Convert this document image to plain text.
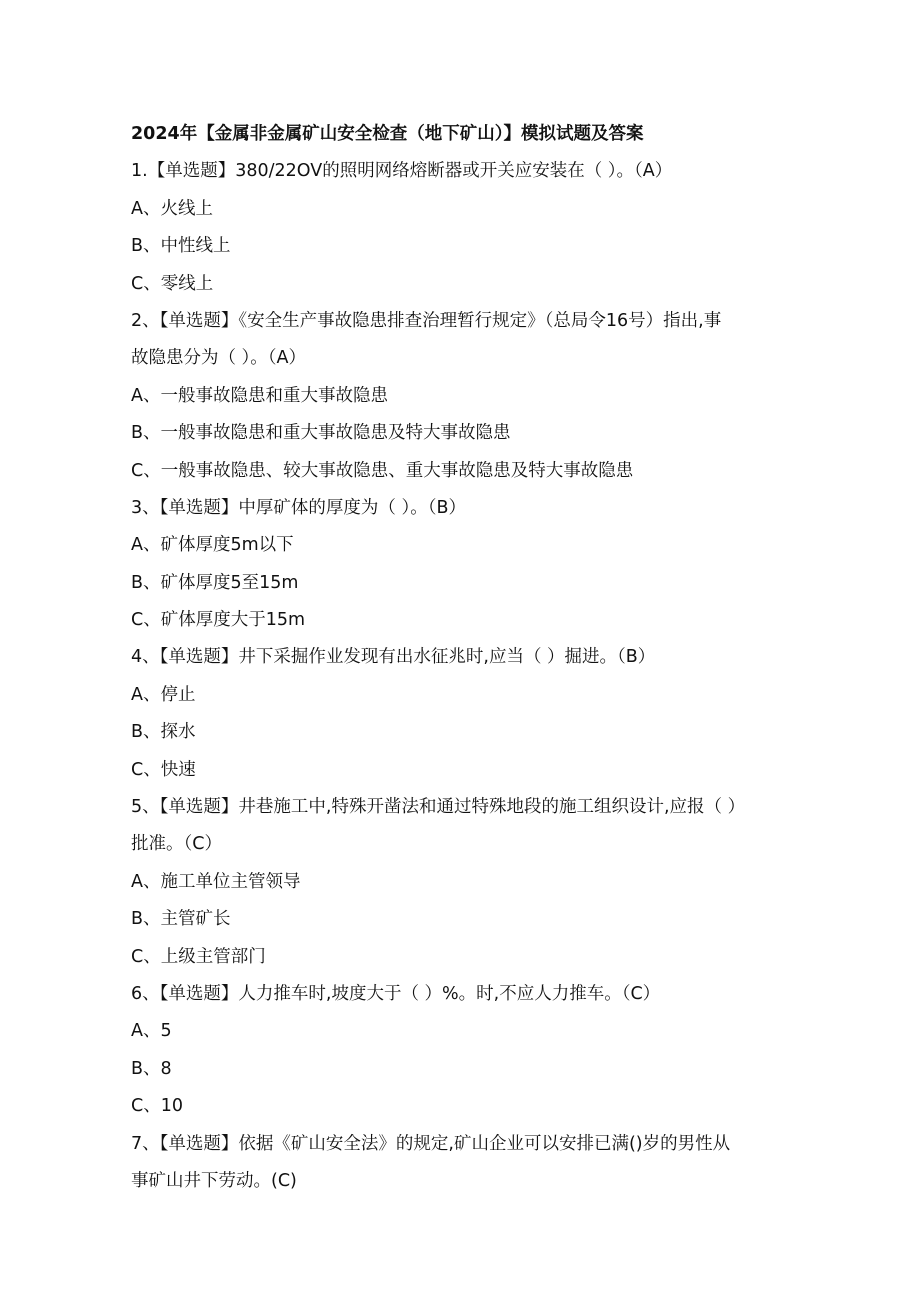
2024年【金属非金属矿山安全检查（地下矿山）】模拟试题及答案
1.【单选题】380/22OV的照明网络熔断器或开关应安装在（ ）。（A）
A、火线上
B、中性线上
C、零线上
2、【单选题】《安全生产事故隐患排查治理暂行规定》（总局令16号）指出,事
故隐患分为（ ）。（A）
A、一般事故隐患和重大事故隐患
B、一般事故隐患和重大事故隐患及特大事故隐患
C、一般事故隐患、较大事故隐患、重大事故隐患及特大事故隐患
3、【单选题】中厚矿体的厚度为（ ）。（B）
A、矿体厚度5m以下
B、矿体厚度5至15m
C、矿体厚度大于15m
4、【单选题】井下采掘作业发现有出水征兆时,应当（ ）掘进。（B）
A、停止
B、探水
C、快速
5、【单选题】井巷施工中,特殊开凿法和通过特殊地段的施工组织设计,应报（ ）
批准。（C）
A、施工单位主管领导
B、主管矿长
C、上级主管部门
6、【单选题】人力推车时,坡度大于（ ）%。时,不应人力推车。（C）
A、5
B、8
C、10
7、【单选题】依据《矿山安全法》的规定,矿山企业可以安排已满()岁的男性从
事矿山井下劳动。(C)
